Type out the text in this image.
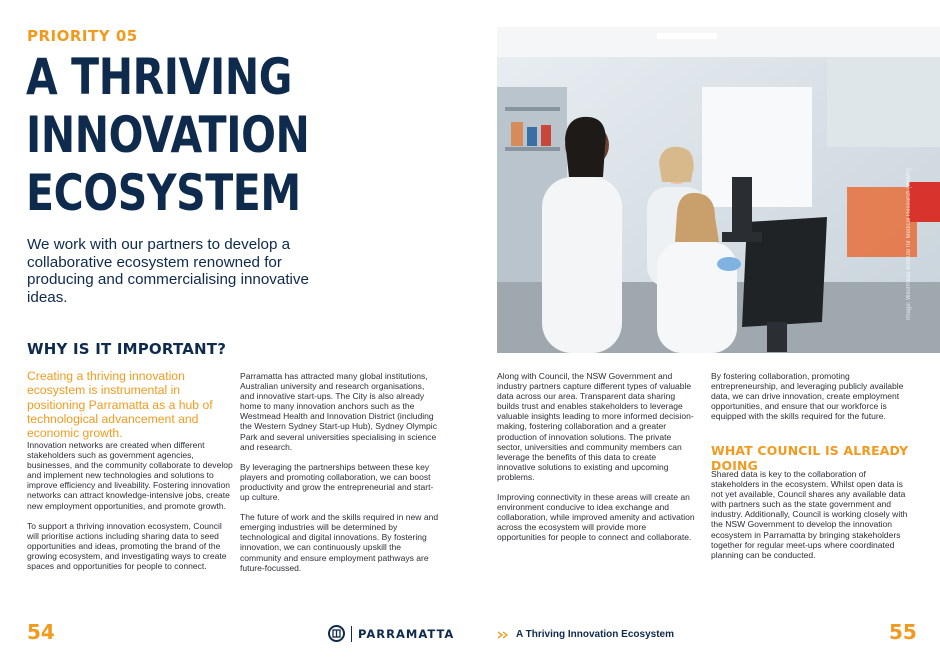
PRIORITY 05
A THRIVING
INNOVATION
ECOSYSTEM
We work with our partners to develop a collaborative ecosystem renowned for producing and commercialising innovative ideas.
WHY IS IT IMPORTANT?
Creating a thriving innovation ecosystem is instrumental in positioning Parramatta as a hub of technological advancement and economic growth.

Innovation networks are created when different stakeholders such as government agencies, businesses, and the community collaborate to develop and implement new technologies and solutions to improve efficiency and liveability. Fostering innovation networks can attract knowledge-intensive jobs, create new employment opportunities, and promote growth.

To support a thriving innovation ecosystem, Council will prioritise actions including sharing data to seed opportunities and ideas, promoting the brand of the growing ecosystem, and investigating ways to create spaces and opportunities for people to connect.

Parramatta has attracted many global institutions, Australian university and research organisations, and innovative start-ups. The City is also already home to many innovation anchors such as the Westmead Health and Innovation District (including the Western Sydney Start-up Hub), Sydney Olympic Park and several universities specialising in science and research.

By leveraging the partnerships between these key players and promoting collaboration, we can boost productivity and grow the entrepreneurial and start-up culture.

The future of work and the skills required in new and emerging industries will be determined by technological and digital innovations. By fostering innovation, we can continuously upskill the community and ensure employment pathways are future-focussed.

Image: Westmead Institute for Medical Research (WIMR)

Along with Council, the NSW Government and industry partners capture different types of valuable data across our area. Transparent data sharing builds trust and enables stakeholders to leverage valuable insights leading to more informed decision-making, fostering collaboration and a greater production of innovation solutions. The private sector, universities and community members can leverage the benefits of this data to create innovative solutions to existing and upcoming problems.

Improving connectivity in these areas will create an environment conducive to idea exchange and collaboration, while improved amenity and activation across the ecosystem will provide more opportunities for people to connect and collaborate.

By fostering collaboration, promoting entrepreneurship, and leveraging publicly available data, we can drive innovation, create employment opportunities, and ensure that our workforce is equipped with the skills required for the future.

WHAT COUNCIL IS ALREADY DOING

Shared data is key to the collaboration of stakeholders in the ecosystem. Whilst open data is not yet available, Council shares any available data with partners such as the state government and industry. Additionally, Council is working closely with the NSW Government to develop the innovation ecosystem in Parramatta by bringing stakeholders together for regular meet-ups where coordinated planning can be conducted.

54	PARRAMATTA	A Thriving Innovation Ecosystem	55
